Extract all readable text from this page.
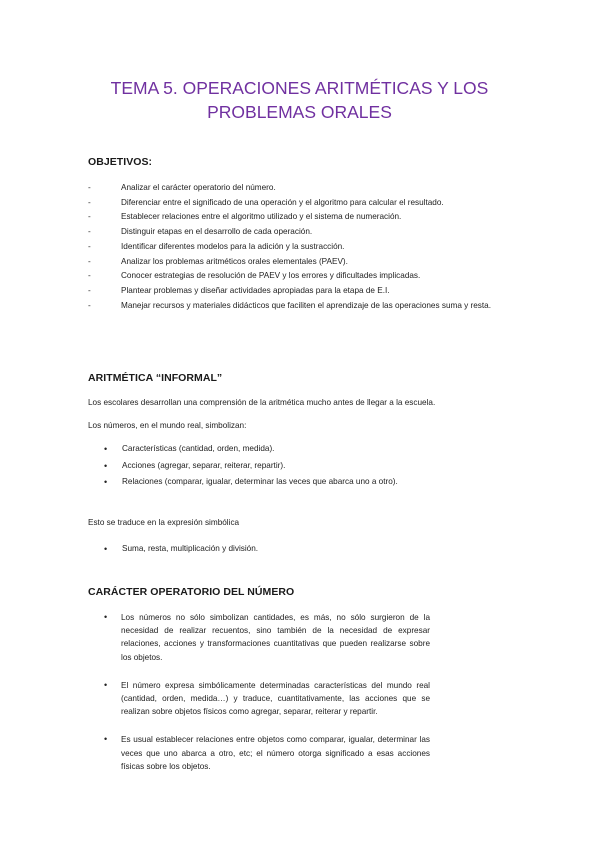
TEMA 5. OPERACIONES ARITMÉTICAS Y LOS
PROBLEMAS ORALES
OBJETIVOS:
-	Analizar el carácter operatorio del número.
-	Diferenciar entre el significado de una operación y el algoritmo para calcular el resultado.
-	Establecer relaciones entre el algoritmo utilizado y el sistema de numeración.
-	Distinguir etapas en el desarrollo de cada operación.
-	Identificar diferentes modelos para la adición y la sustracción.
-	Analizar los problemas aritméticos orales elementales (PAEV).
-	Conocer estrategias de resolución de PAEV y los errores y dificultades implicadas.
-	Plantear problemas y diseñar actividades apropiadas para la etapa de E.I.
-	Manejar recursos y materiales didácticos que faciliten el aprendizaje de las operaciones suma y resta.
ARITMÉTICA “INFORMAL”
Los escolares desarrollan una comprensión de la aritmética mucho antes de llegar a la escuela.
Los números, en el mundo real, simbolizan:
• Características (cantidad, orden, medida).
• Acciones (agregar, separar, reiterar, repartir).
• Relaciones (comparar, igualar, determinar las veces que abarca uno a otro).
Esto se traduce en la expresión simbólica
• Suma, resta, multiplicación y división.
CARÁCTER OPERATORIO DEL NÚMERO
• Los números no sólo simbolizan cantidades, es más, no sólo surgieron de la necesidad de realizar recuentos, sino también de la necesidad de expresar relaciones, acciones y transformaciones cuantitativas que pueden realizarse sobre los objetos.
• El número expresa simbólicamente determinadas características del mundo real (cantidad, orden, medida…) y traduce, cuantitativamente, las acciones que se realizan sobre objetos físicos como agregar, separar, reiterar y repartir.
• Es usual establecer relaciones entre objetos como comparar, igualar, determinar las veces que uno abarca a otro, etc; el número otorga significado a esas acciones físicas sobre los objetos.
